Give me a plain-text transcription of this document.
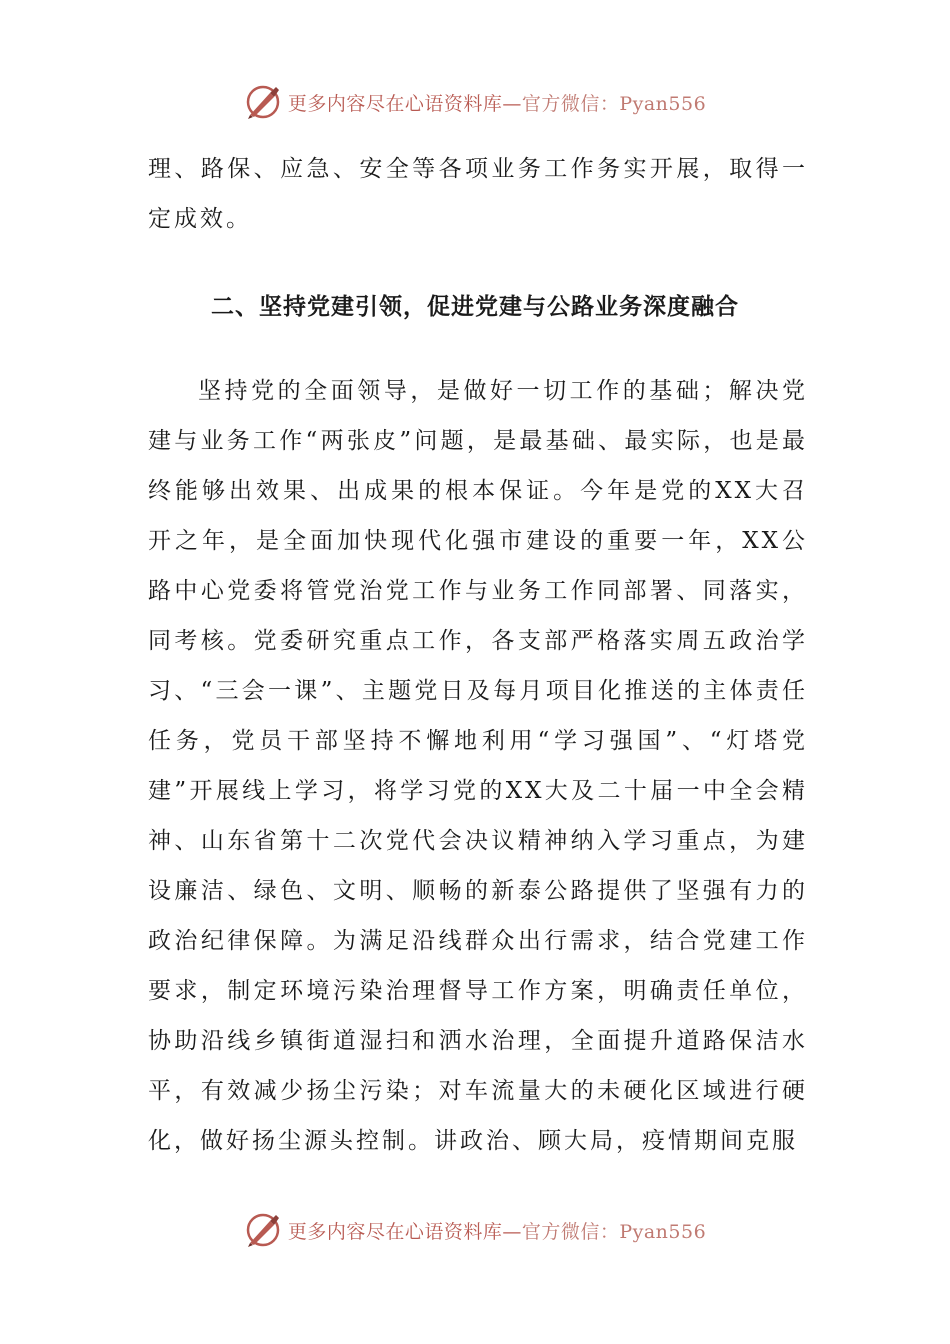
更多内容尽在心语资料库—官方微信：Pyan556

理、路保、应急、安全等各项业务工作务实开展，取得一定成效。

二、坚持党建引领，促进党建与公路业务深度融合

坚持党的全面领导，是做好一切工作的基础；解决党建与业务工作“两张皮”问题，是最基础、最实际，也是最终能够出效果、出成果的根本保证。今年是党的XX大召开之年，是全面加快现代化强市建设的重要一年，XX公路中心党委将管党治党工作与业务工作同部署、同落实，同考核。党委研究重点工作，各支部严格落实周五政治学习、“三会一课”、主题党日及每月项目化推送的主体责任任务，党员干部坚持不懈地利用“学习强国”、“灯塔党建”开展线上学习，将学习党的XX大及二十届一中全会精神、山东省第十二次党代会决议精神纳入学习重点，为建设廉洁、绿色、文明、顺畅的新泰公路提供了坚强有力的政治纪律保障。为满足沿线群众出行需求，结合党建工作要求，制定环境污染治理督导工作方案，明确责任单位，协助沿线乡镇街道湿扫和洒水治理，全面提升道路保洁水平，有效减少扬尘污染；对车流量大的未硬化区域进行硬化，做好扬尘源头控制。讲政治、顾大局，疫情期间克服

更多内容尽在心语资料库—官方微信：Pyan556
